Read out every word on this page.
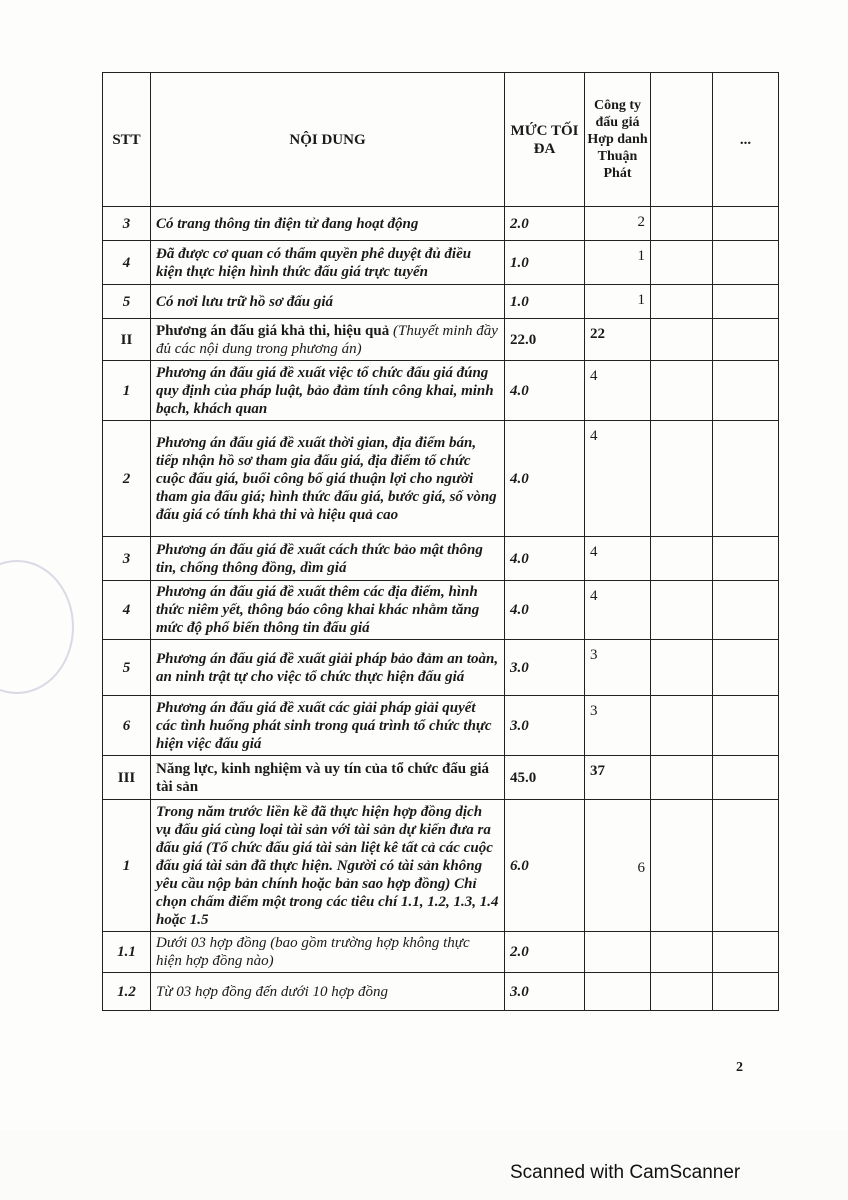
STT	NỘI DUNG	MỨC TỐI ĐA	Công ty đấu giá Hợp danh Thuận Phát		...
3	Có trang thông tin điện tử đang hoạt động	2.0	2		
4	Đã được cơ quan có thẩm quyền phê duyệt đủ điều kiện thực hiện hình thức đấu giá trực tuyến	1.0	1		
5	Có nơi lưu trữ hồ sơ đấu giá	1.0	1		
II	Phương án đấu giá khả thi, hiệu quả (Thuyết minh đầy đủ các nội dung trong phương án)	22.0	22		
1	Phương án đấu giá đề xuất việc tổ chức đấu giá đúng quy định của pháp luật, bảo đảm tính công khai, minh bạch, khách quan	4.0	4		
2	Phương án đấu giá đề xuất thời gian, địa điểm bán, tiếp nhận hồ sơ tham gia đấu giá, địa điểm tổ chức cuộc đấu giá, buổi công bố giá thuận lợi cho người tham gia đấu giá; hình thức đấu giá, bước giá, số vòng đấu giá có tính khả thi và hiệu quả cao	4.0	4		
3	Phương án đấu giá đề xuất cách thức bảo mật thông tin, chống thông đồng, dìm giá	4.0	4		
4	Phương án đấu giá đề xuất thêm các địa điểm, hình thức niêm yết, thông báo công khai khác nhằm tăng mức độ phổ biến thông tin đấu giá	4.0	4		
5	Phương án đấu giá đề xuất giải pháp bảo đảm an toàn, an ninh trật tự cho việc tổ chức thực hiện đấu giá	3.0	3		
6	Phương án đấu giá đề xuất các giải pháp giải quyết các tình huống phát sinh trong quá trình tổ chức thực hiện việc đấu giá	3.0	3		
III	Năng lực, kinh nghiệm và uy tín của tổ chức đấu giá tài sản	45.0	37		
1	Trong năm trước liền kề đã thực hiện hợp đồng dịch vụ đấu giá cùng loại tài sản với tài sản dự kiến đưa ra đấu giá (Tổ chức đấu giá tài sản liệt kê tất cả các cuộc đấu giá tài sản đã thực hiện. Người có tài sản không yêu cầu nộp bản chính hoặc bản sao hợp đồng) Chỉ chọn chấm điểm một trong các tiêu chí 1.1, 1.2, 1.3, 1.4 hoặc 1.5	6.0	6		
1.1	Dưới 03 hợp đồng (bao gồm trường hợp không thực hiện hợp đồng nào)	2.0			
1.2	Từ 03 hợp đồng đến dưới 10 hợp đồng	3.0			
2
Scanned with CamScanner
